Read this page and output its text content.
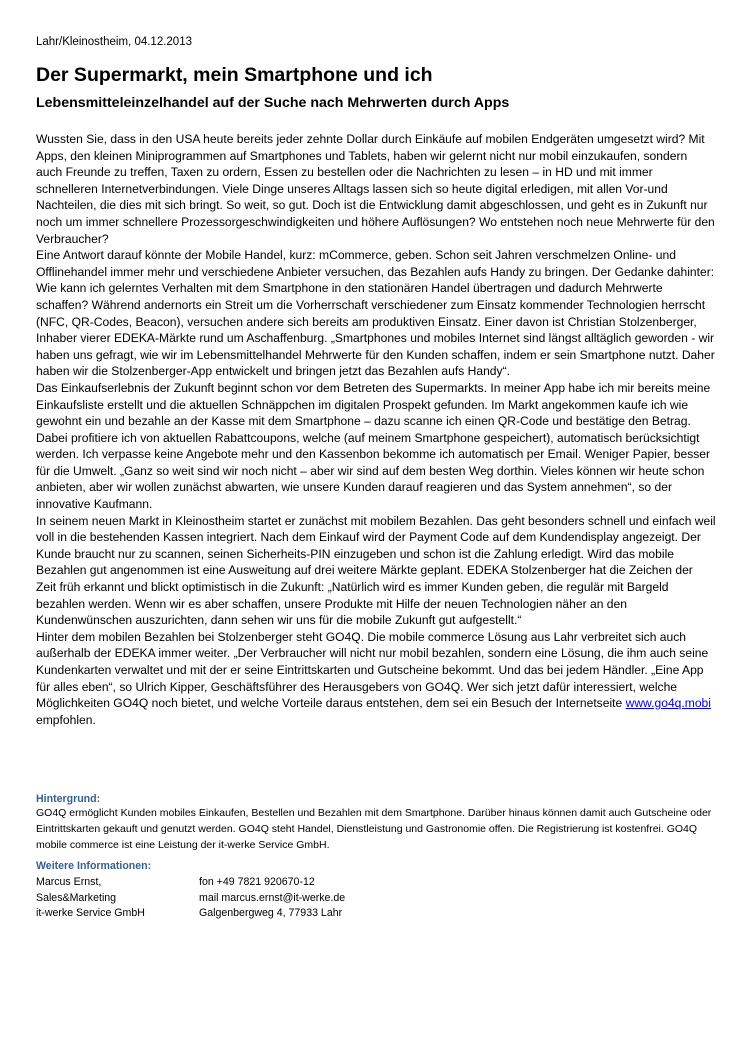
Lahr/Kleinostheim, 04.12.2013
Der Supermarkt, mein Smartphone und ich
Lebensmitteleinzelhandel auf der Suche nach Mehrwerten durch Apps

Wussten Sie, dass in den USA heute bereits jeder zehnte Dollar durch Einkäufe auf mobilen Endgeräten umgesetzt wird? Mit Apps, den kleinen Miniprogrammen auf Smartphones und Tablets, haben wir gelernt nicht nur mobil einzukaufen, sondern auch Freunde zu treffen, Taxen zu ordern, Essen zu bestellen oder die Nachrichten zu lesen – in HD und mit immer schnelleren Internetverbindungen. Viele Dinge unseres Alltags lassen sich so heute digital erledigen, mit allen Vor-und Nachteilen, die dies mit sich bringt. So weit, so gut. Doch ist die Entwicklung damit abgeschlossen, und geht es in Zukunft nur noch um immer schnellere Prozessorgeschwindigkeiten und höhere Auflösungen? Wo entstehen noch neue Mehrwerte für den Verbraucher?

Eine Antwort darauf könnte der Mobile Handel, kurz: mCommerce, geben. Schon seit Jahren verschmelzen Online- und Offlinehandel immer mehr und verschiedene Anbieter versuchen, das Bezahlen aufs Handy zu bringen. Der Gedanke dahinter: Wie kann ich gelerntes Verhalten mit dem Smartphone in den stationären Handel übertragen und dadurch Mehrwerte schaffen? Während andernorts ein Streit um die Vorherrschaft verschiedener zum Einsatz kommender Technologien herrscht (NFC, QR-Codes, Beacon), versuchen andere sich bereits am produktiven Einsatz. Einer davon ist Christian Stolzenberger, Inhaber vierer EDEKA-Märkte rund um Aschaffenburg. „Smartphones und mobiles Internet sind längst alltäglich geworden - wir haben uns gefragt, wie wir im Lebensmittelhandel Mehrwerte für den Kunden schaffen, indem er sein Smartphone nutzt. Daher haben wir die Stolzenberger-App entwickelt und bringen jetzt das Bezahlen aufs Handy“.

Das Einkaufserlebnis der Zukunft beginnt schon vor dem Betreten des Supermarkts. In meiner App habe ich mir bereits meine Einkaufsliste erstellt und die aktuellen Schnäppchen im digitalen Prospekt gefunden. Im Markt angekommen kaufe ich wie gewohnt ein und bezahle an der Kasse mit dem Smartphone – dazu scanne ich einen QR-Code und bestätige den Betrag. Dabei profitiere ich von aktuellen Rabattcoupons, welche (auf meinem Smartphone gespeichert), automatisch berücksichtigt werden. Ich verpasse keine Angebote mehr und den Kassenbon bekomme ich automatisch per Email. Weniger Papier, besser für die Umwelt. „Ganz so weit sind wir noch nicht – aber wir sind auf dem besten Weg dorthin. Vieles können wir heute schon anbieten, aber wir wollen zunächst abwarten, wie unsere Kunden darauf reagieren und das System annehmen“, so der innovative Kaufmann.

In seinem neuen Markt in Kleinostheim startet er zunächst mit mobilem Bezahlen. Das geht besonders schnell und einfach weil voll in die bestehenden Kassen integriert. Nach dem Einkauf wird der Payment Code auf dem Kundendisplay angezeigt. Der Kunde braucht nur zu scannen, seinen Sicherheits-PIN einzugeben und schon ist die Zahlung erledigt. Wird das mobile Bezahlen gut angenommen ist eine Ausweitung auf drei weitere Märkte geplant. EDEKA Stolzenberger hat die Zeichen der Zeit früh erkannt und blickt optimistisch in die Zukunft: „Natürlich wird es immer Kunden geben, die regulär mit Bargeld bezahlen werden. Wenn wir es aber schaffen, unsere Produkte mit Hilfe der neuen Technologien näher an den Kundenwünschen auszurichten, dann sehen wir uns für die mobile Zukunft gut aufgestellt.“

Hinter dem mobilen Bezahlen bei Stolzenberger steht GO4Q. Die mobile commerce Lösung aus Lahr verbreitet sich auch außerhalb der EDEKA immer weiter. „Der Verbraucher will nicht nur mobil bezahlen, sondern eine Lösung, die ihm auch seine Kundenkarten verwaltet und mit der er seine Eintrittskarten und Gutscheine bekommt. Und das bei jedem Händler. „Eine App für alles eben“, so Ulrich Kipper, Geschäftsführer des Herausgebers von GO4Q. Wer sich jetzt dafür interessiert, welche Möglichkeiten GO4Q noch bietet, und welche Vorteile daraus entstehen, dem sei ein Besuch der Internetseite www.go4q.mobi empfohlen.

Hintergrund:

GO4Q ermöglicht Kunden mobiles Einkaufen, Bestellen und Bezahlen mit dem Smartphone. Darüber hinaus können damit auch Gutscheine oder Eintrittskarten gekauft und genutzt werden. GO4Q steht Handel, Dienstleistung und Gastronomie offen. Die Registrierung ist kostenfrei. GO4Q mobile commerce ist eine Leistung der it-werke Service GmbH.

Weitere Informationen:
Marcus Ernst,	fon +49 7821 920670-12
Sales&Marketing	mail marcus.ernst@it-werke.de
it-werke Service GmbH	Galgenbergweg 4, 77933 Lahr
